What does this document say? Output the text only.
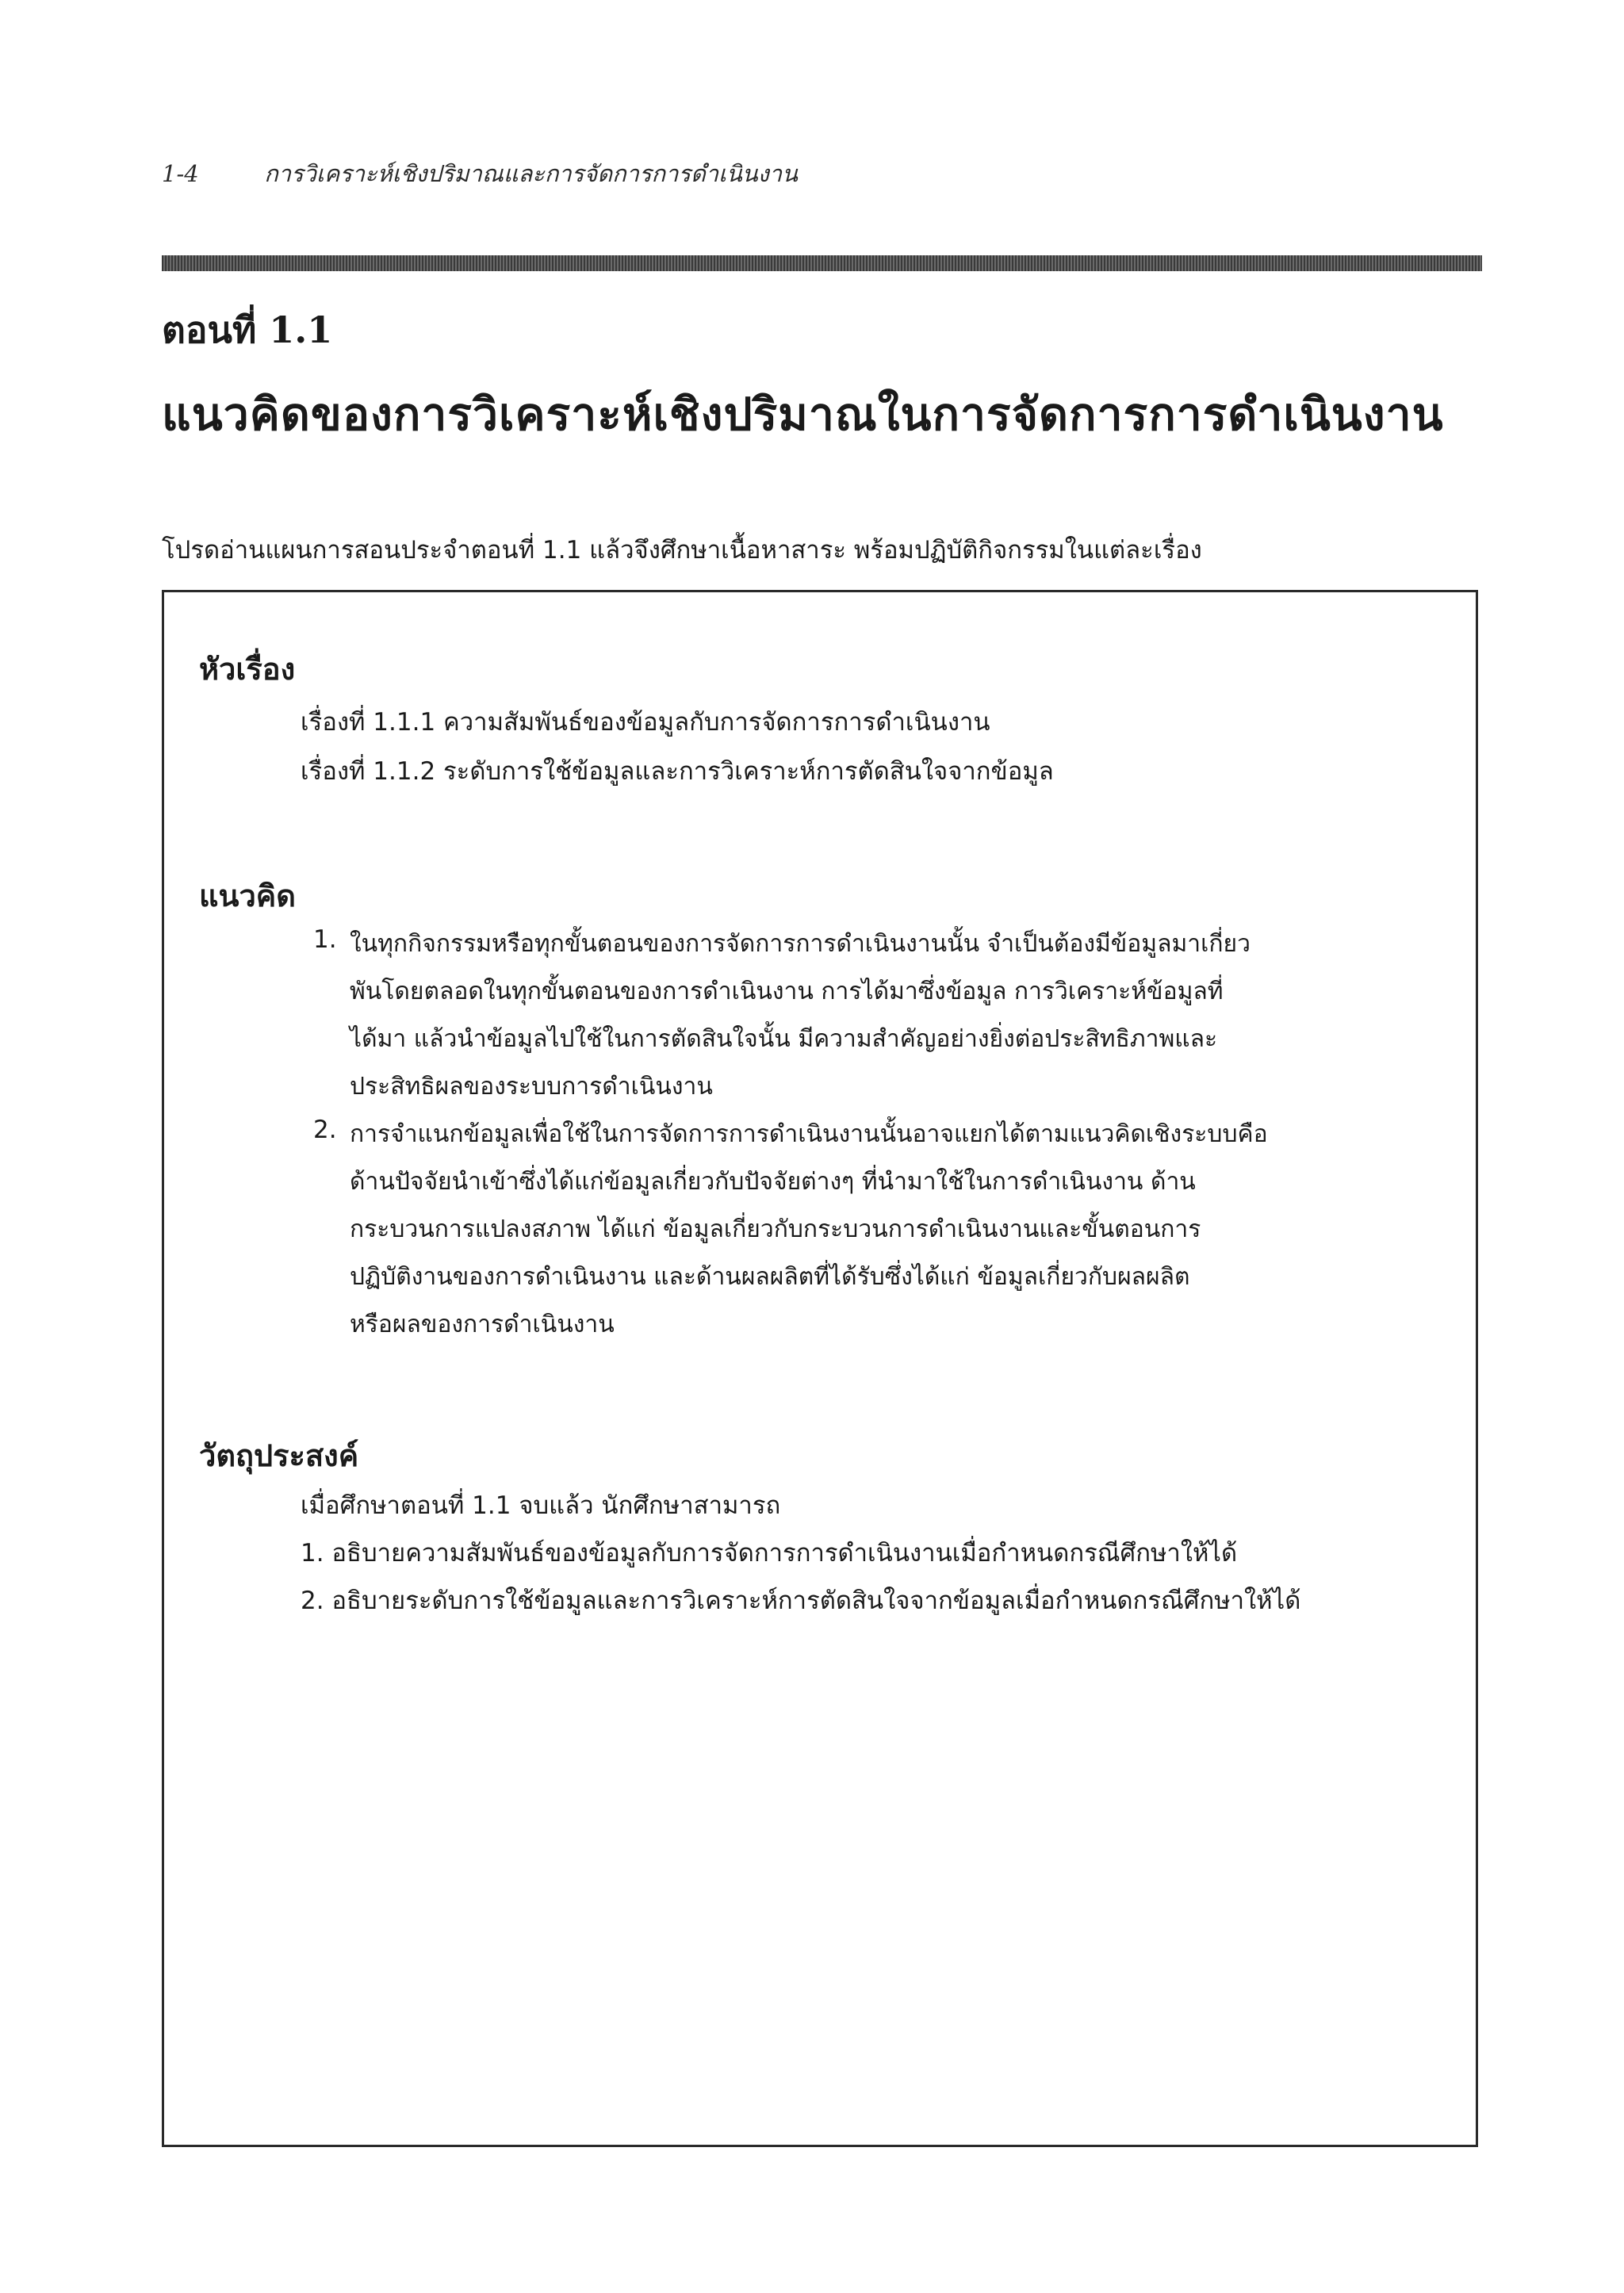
1-4	การวิเคราะห์เชิงปริมาณและการจัดการการดำเนินงาน
ตอนที่ 1.1
แนวคิดของการวิเคราะห์เชิงปริมาณในการจัดการการดำเนินงาน
โปรดอ่านแผนการสอนประจำตอนที่ 1.1 แล้วจึงศึกษาเนื้อหาสาระ พร้อมปฏิบัติกิจกรรมในแต่ละเรื่อง
หัวเรื่อง
เรื่องที่ 1.1.1 ความสัมพันธ์ของข้อมูลกับการจัดการการดำเนินงาน
เรื่องที่ 1.1.2 ระดับการใช้ข้อมูลและการวิเคราะห์การตัดสินใจจากข้อมูล
แนวคิด
1. ในทุกกิจกรรมหรือทุกขั้นตอนของการจัดการการดำเนินงานนั้น จำเป็นต้องมีข้อมูลมาเกี่ยว
พันโดยตลอดในทุกขั้นตอนของการดำเนินงาน การได้มาซึ่งข้อมูล การวิเคราะห์ข้อมูลที่
ได้มา แล้วนำข้อมูลไปใช้ในการตัดสินใจนั้น มีความสำคัญอย่างยิ่งต่อประสิทธิภาพและ
ประสิทธิผลของระบบการดำเนินงาน
2. การจำแนกข้อมูลเพื่อใช้ในการจัดการการดำเนินงานนั้นอาจแยกได้ตามแนวคิดเชิงระบบคือ
ด้านปัจจัยนำเข้าซึ่งได้แก่ข้อมูลเกี่ยวกับปัจจัยต่างๆ ที่นำมาใช้ในการดำเนินงาน ด้าน
กระบวนการแปลงสภาพ ได้แก่ ข้อมูลเกี่ยวกับกระบวนการดำเนินงานและขั้นตอนการ
ปฏิบัติงานของการดำเนินงาน และด้านผลผลิตที่ได้รับซึ่งได้แก่ ข้อมูลเกี่ยวกับผลผลิต
หรือผลของการดำเนินงาน
วัตถุประสงค์
เมื่อศึกษาตอนที่ 1.1 จบแล้ว นักศึกษาสามารถ
1. อธิบายความสัมพันธ์ของข้อมูลกับการจัดการการดำเนินงานเมื่อกำหนดกรณีศึกษาให้ได้
2. อธิบายระดับการใช้ข้อมูลและการวิเคราะห์การตัดสินใจจากข้อมูลเมื่อกำหนดกรณีศึกษาให้ได้
